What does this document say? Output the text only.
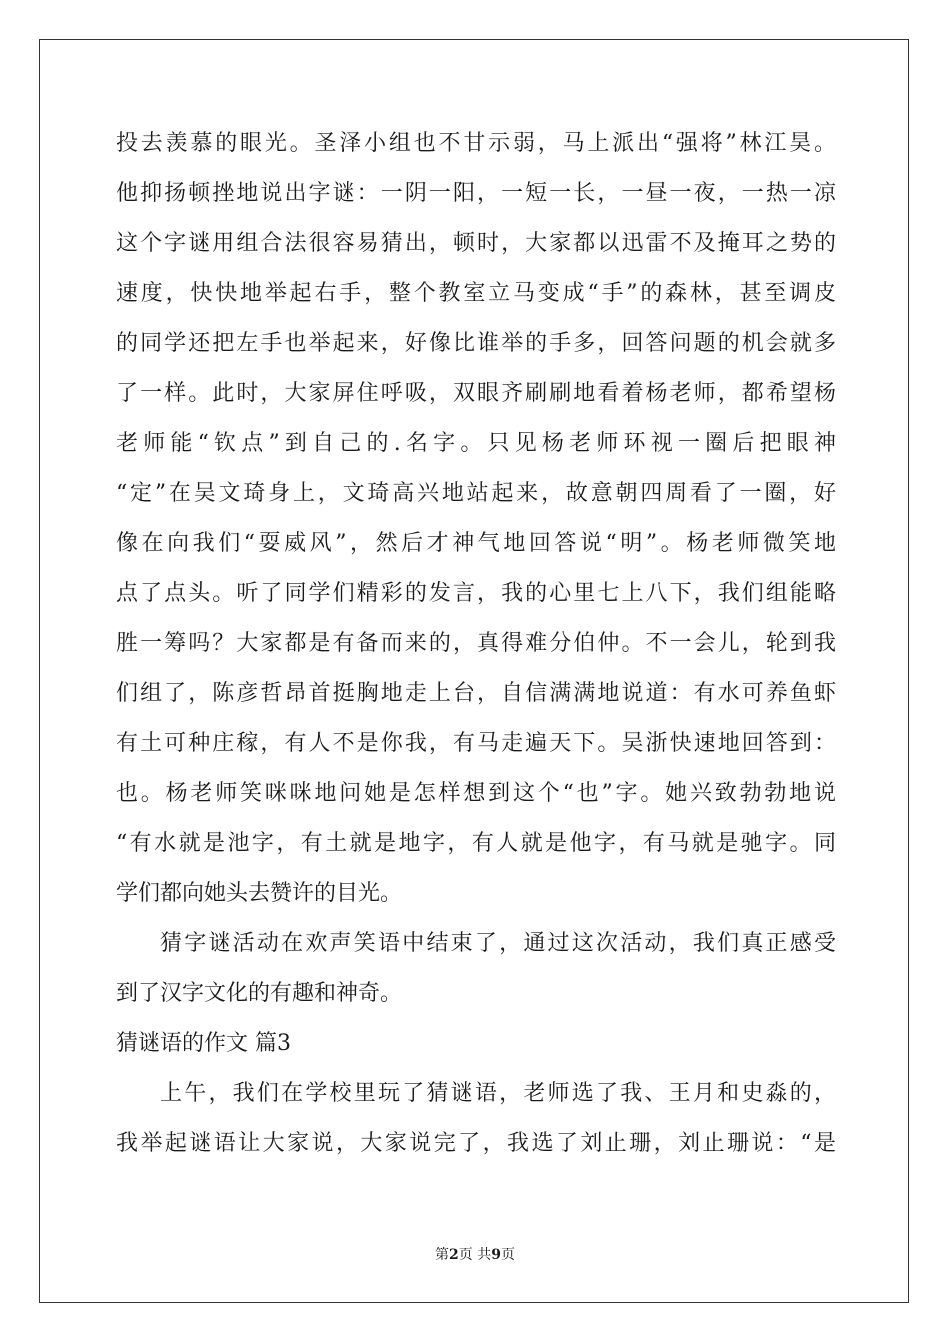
投去羡慕的眼光。圣泽小组也不甘示弱，马上派出“强将”林江昊。
他抑扬顿挫地说出字谜：一阴一阳，一短一长，一昼一夜，一热一凉
这个字谜用组合法很容易猜出，顿时，大家都以迅雷不及掩耳之势的
速度，快快地举起右手，整个教室立马变成“手”的森林，甚至调皮
的同学还把左手也举起来，好像比谁举的手多，回答问题的机会就多
了一样。此时，大家屏住呼吸，双眼齐刷刷地看着杨老师，都希望杨
老师能“钦点”到自己的.名字。只见杨老师环视一圈后把眼神
“定”在吴文琦身上，文琦高兴地站起来，故意朝四周看了一圈，好
像在向我们“耍威风”，然后才神气地回答说“明”。杨老师微笑地
点了点头。听了同学们精彩的发言，我的心里七上八下，我们组能略
胜一筹吗？大家都是有备而来的，真得难分伯仲。不一会儿，轮到我
们组了，陈彦哲昂首挺胸地走上台，自信满满地说道：有水可养鱼虾
有土可种庄稼，有人不是你我，有马走遍天下。吴浙快速地回答到：
也。杨老师笑咪咪地问她是怎样想到这个“也”字。她兴致勃勃地说
“有水就是池字，有土就是地字，有人就是他字，有马就是驰字。同
学们都向她头去赞许的目光。
猜字谜活动在欢声笑语中结束了，通过这次活动，我们真正感受
到了汉字文化的有趣和神奇。
猜谜语的作文 篇3
上午，我们在学校里玩了猜谜语，老师选了我、王月和史淼的，
我举起谜语让大家说，大家说完了，我选了刘止珊，刘止珊说：“是
第2页 共9页
